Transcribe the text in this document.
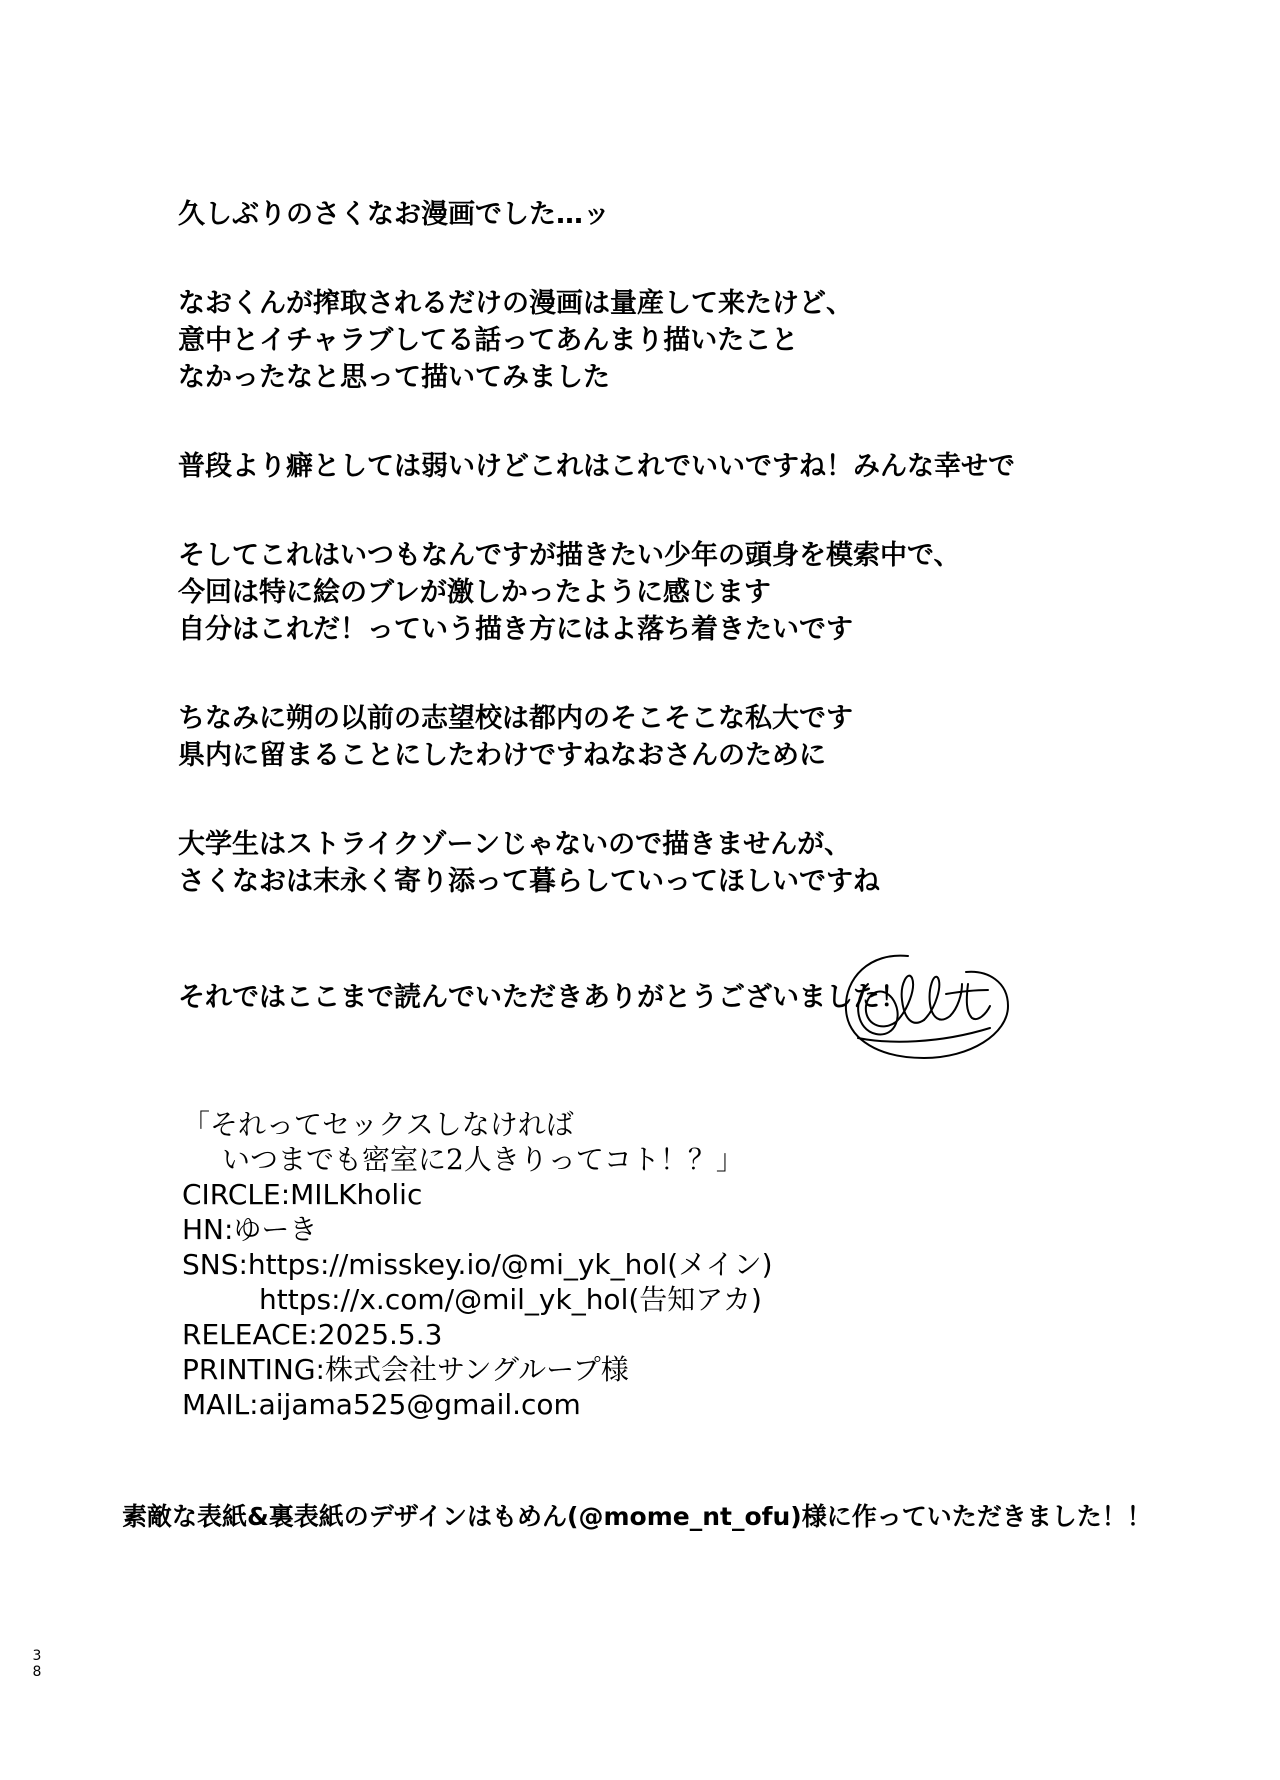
久しぶりのさくなお漫画でした…ッ

なおくんが搾取されるだけの漫画は量産して来たけど、

意中とイチャラブしてる話ってあんまり描いたこと

なかったなと思って描いてみました

普段より癖としては弱いけどこれはこれでいいですね！みんな幸せで

そしてこれはいつもなんですが描きたい少年の頭身を模索中で、

今回は特に絵のブレが激しかったように感じます

自分はこれだ！っていう描き方にはよ落ち着きたいです

ちなみに朔の以前の志望校は都内のそこそこな私大です

県内に留まることにしたわけですねなおさんのために

大学生はストライクゾーンじゃないので描きませんが、

さくなおは末永く寄り添って暮らしていってほしいですね

それではここまで読んでいただきありがとうございました！

「それってセックスしなければ
いつまでも密室に2人きりってコト！？」
CIRCLE:MILKholic
HN:ゆーき
SNS:https://misskey.io/@mi_yk_hol(メイン)
https://x.com/@mil_yk_hol(告知アカ)
RELEACE:2025.5.3
PRINTING:株式会社サングループ様
MAIL:aijama525@gmail.com
素敵な表紙&裏表紙のデザインはもめん(@mome_nt_ofu)様に作っていただきました！！
3
8
